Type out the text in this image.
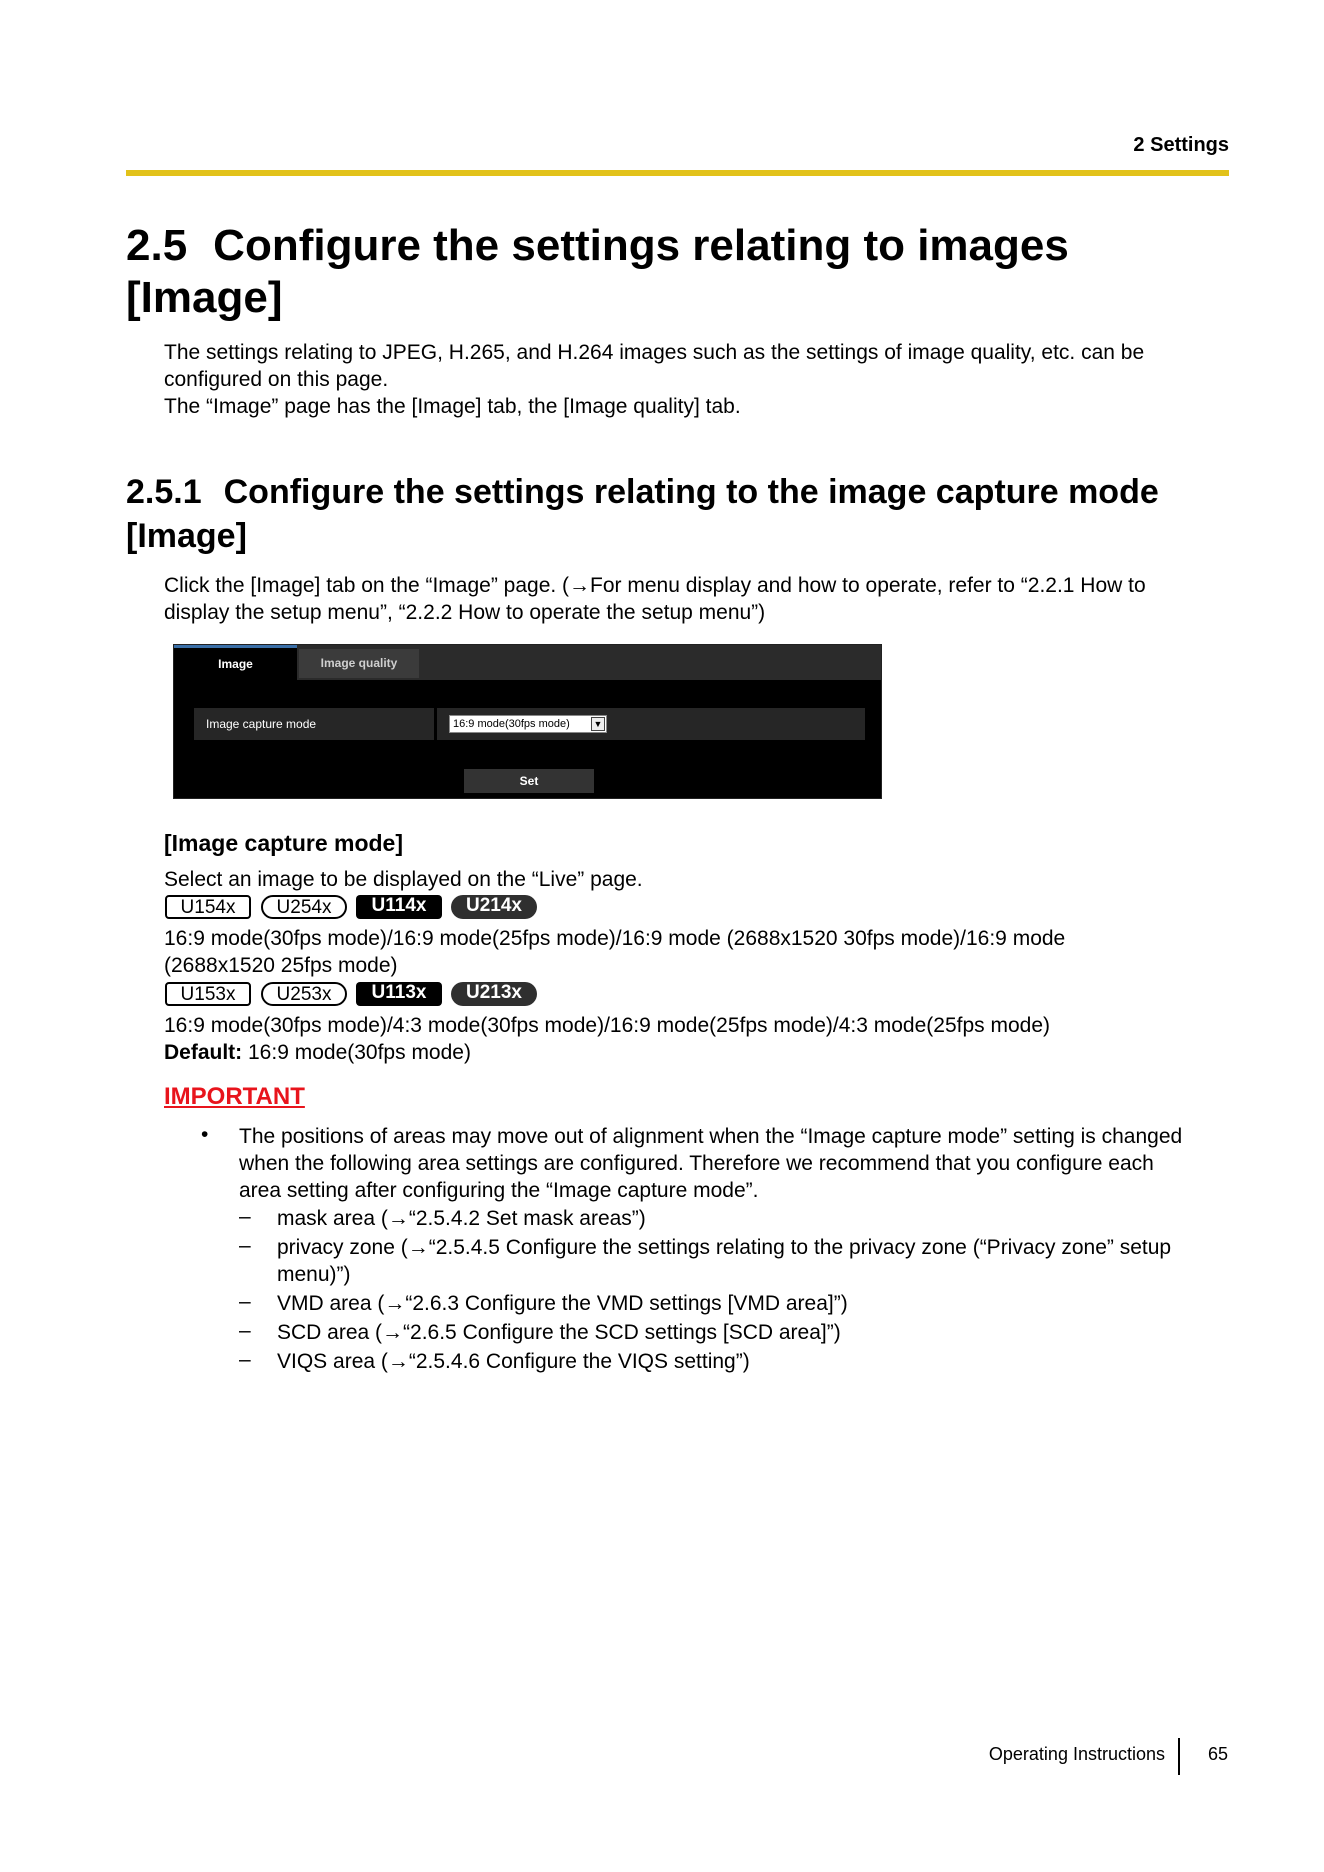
2 Settings
2.5 Configure the settings relating to images
[Image]
The settings relating to JPEG, H.265, and H.264 images such as the settings of image quality, etc. can be
configured on this page.
The “Image” page has the [Image] tab, the [Image quality] tab.
2.5.1 Configure the settings relating to the image capture mode
[Image]
Click the [Image] tab on the “Image” page. (→For menu display and how to operate, refer to “2.2.1 How to
display the setup menu”, “2.2.2 How to operate the setup menu”)
Image	Image quality
Image capture mode	16:9 mode(30fps mode)	▼
Set
[Image capture mode]
Select an image to be displayed on the “Live” page.
U154x	U254x	U114x	U214x
16:9 mode(30fps mode)/16:9 mode(25fps mode)/16:9 mode (2688x1520 30fps mode)/16:9 mode
(2688x1520 25fps mode)
U153x	U253x	U113x	U213x
16:9 mode(30fps mode)/4:3 mode(30fps mode)/16:9 mode(25fps mode)/4:3 mode(25fps mode)
Default: 16:9 mode(30fps mode)
IMPORTANT
• The positions of areas may move out of alignment when the “Image capture mode” setting is changed
when the following area settings are configured. Therefore we recommend that you configure each
area setting after configuring the “Image capture mode”.
– mask area (→“2.5.4.2 Set mask areas”)
– privacy zone (→“2.5.4.5 Configure the settings relating to the privacy zone (“Privacy zone” setup
menu)”)
– VMD area (→“2.6.3 Configure the VMD settings [VMD area]”)
– SCD area (→“2.6.5 Configure the SCD settings [SCD area]”)
– VIQS area (→“2.5.4.6 Configure the VIQS setting”)
Operating Instructions 65
